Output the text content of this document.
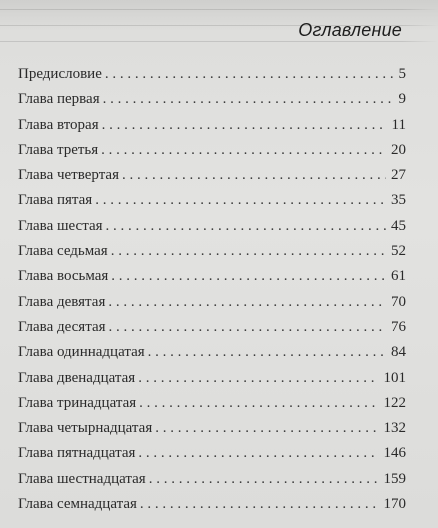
Оглавление
Предисловие . . .	5
Глава первая . . .	9
Глава вторая . . .	11
Глава третья . . .	20
Глава четвертая . . .	27
Глава пятая . . .	35
Глава шестая . . .	45
Глава седьмая . . .	52
Глава восьмая . . .	61
Глава девятая . . .	70
Глава десятая . . .	76
Глава одиннадцатая . . .	84
Глава двенадцатая . . .	101
Глава тринадцатая . . .	122
Глава четырнадцатая . . .	132
Глава пятнадцатая . . .	146
Глава шестнадцатая . . .	159
Глава семнадцатая . . .	170
